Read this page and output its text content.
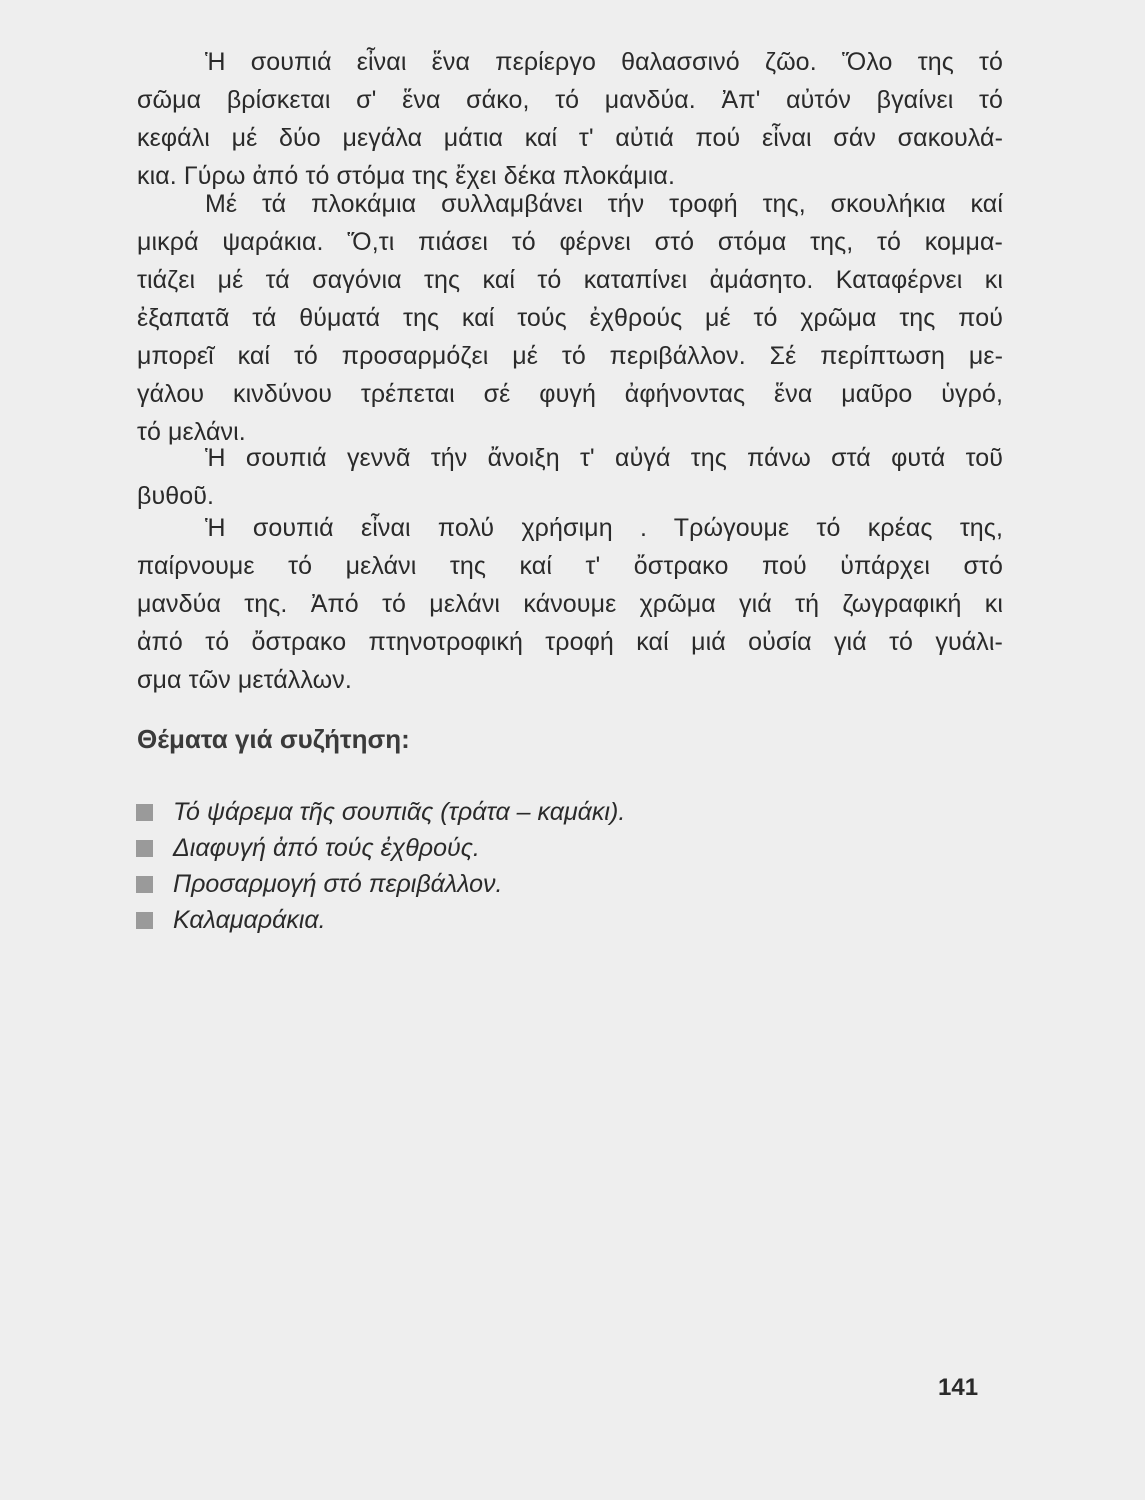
Ἡ σουπιά εἶναι ἕνα περίεργο θαλασσινό ζῶο. Ὅλο της τό
σῶμα βρίσκεται σ' ἕνα σάκο, τό μανδύα. Ἀπ' αὐτόν βγαίνει τό
κεφάλι μέ δύο μεγάλα μάτια καί τ' αὐτιά πού εἶναι σάν σακουλά-
κια. Γύρω ἀπό τό στόμα της ἔχει δέκα πλοκάμια.
Μέ τά πλοκάμια συλλαμβάνει τήν τροφή της, σκουλήκια καί
μικρά ψαράκια. Ὅ,τι πιάσει τό φέρνει στό στόμα της, τό κομμα-
τιάζει μέ τά σαγόνια της καί τό καταπίνει ἀμάσητο. Καταφέρνει κι
ἐξαπατᾶ τά θύματά της καί τούς ἐχθρούς μέ τό χρῶμα της πού
μπορεῖ καί τό προσαρμόζει μέ τό περιβάλλον. Σέ περίπτωση με-
γάλου κινδύνου τρέπεται σέ φυγή ἀφήνοντας ἕνα μαῦρο ὑγρό,
τό μελάνι.
Ἡ σουπιά γεννᾶ τήν ἄνοιξη τ' αὐγά της πάνω στά φυτά τοῦ
βυθοῦ.
Ἡ σουπιά εἶναι πολύ χρήσιμη . Τρώγουμε τό κρέας της,
παίρνουμε τό μελάνι της καί τ' ὄστρακο πού ὑπάρχει στό
μανδύα της. Ἀπό τό μελάνι κάνουμε χρῶμα γιά τή ζωγραφική κι
ἀπό τό ὄστρακο πτηνοτροφική τροφή καί μιά οὐσία γιά τό γυάλι-
σμα τῶν μετάλλων.
Θέματα γιά συζήτηση:
Τό ψάρεμα τῆς σουπιᾶς (τράτα – καμάκι).
Διαφυγή ἀπό τούς ἐχθρούς.
Προσαρμογή στό περιβάλλον.
Καλαμαράκια.
141
